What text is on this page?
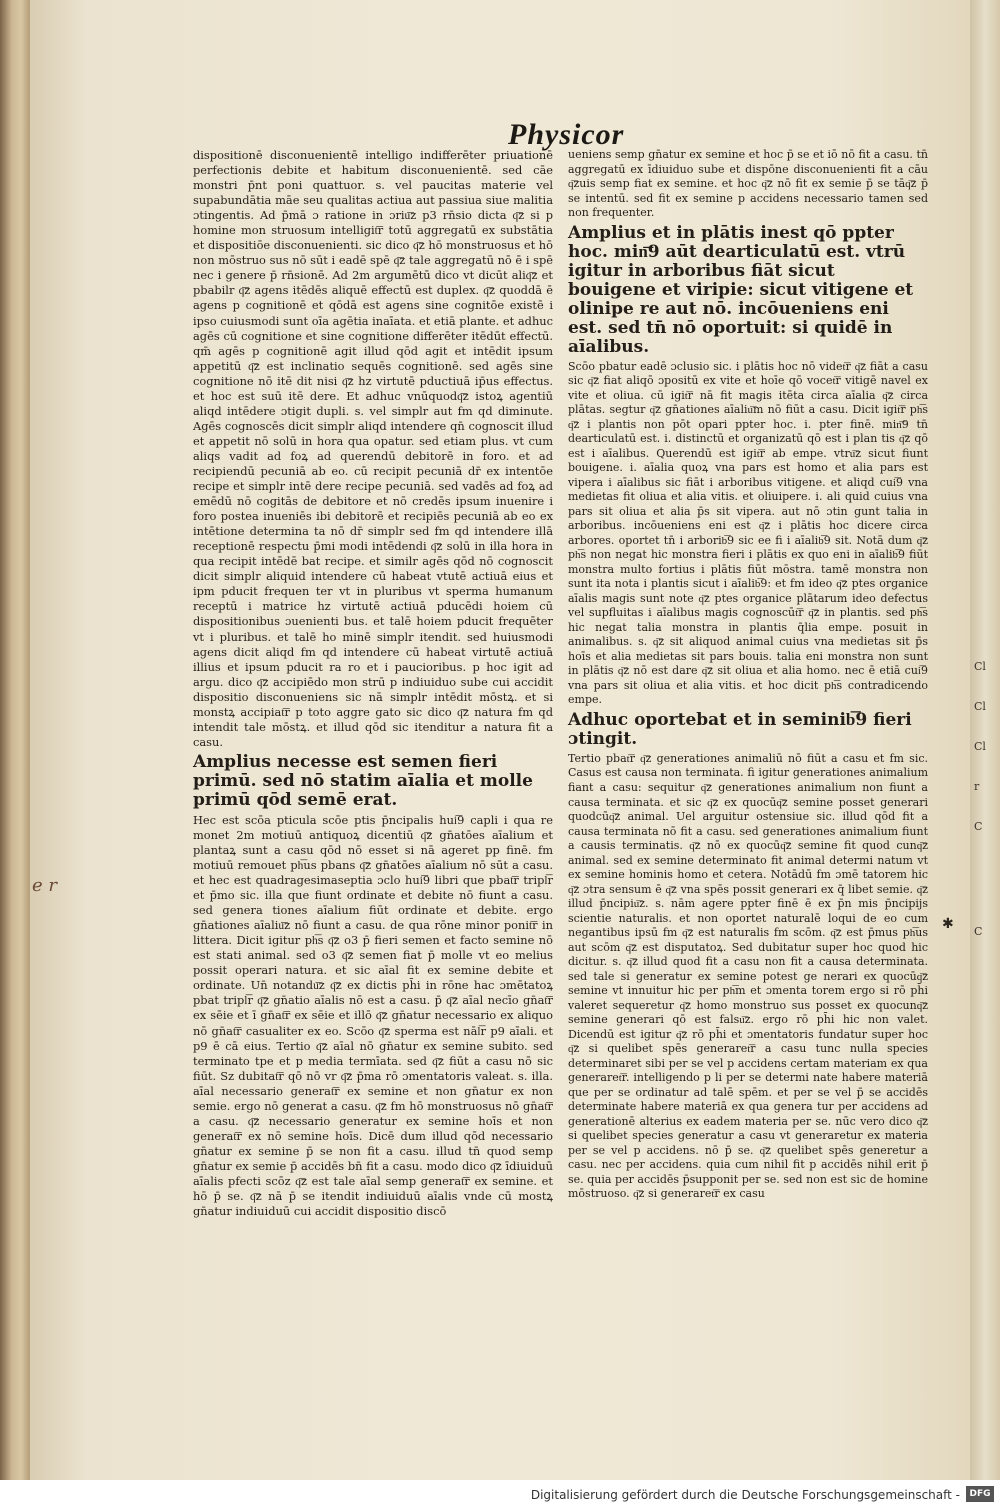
Cl
Cl
Cl
r
C
C
Physicor

dispositionē disconuenientē intelligo indifferēter priuationē perfectionis debite et habitum disconuenientē. sed cāe monstri p̄nt poni quattuor. s. vel paucitas materie vel supabundātia māe seu qualitas actiua aut passiua siue malitia ɔtingentis. Ad p̄mā ɔ ratione in ɔriu͞z p3 rn̄sio dicta q͞z si p homine mon struosum intelligit͞r totū aggregatū ex substātia et dispositiōe disconuenienti. sic dico q͞z hō monstruosus et hō non mōstruo sus nō sūt i eadē spē q͞z tale aggregatū nō ē i spē nec i genere p̄ rn̄sionē. Ad 2m argumētū dico vt dicūt aliq͞z et pbabilr q͞z agens itēdēs aliquē effectū est duplex. q͞z quoddā ē agens p cognitionē et qōdā est agens sine cognitōe existē i ipso cuiusmodi sunt oīa agētia inaīata. et etiā plante. et adhuc agēs cū cognitione et sine cognitione differēter itēdūt effectū. qm̄ agēs p cognitionē agit illud qōd agit et intēdit ipsum appetitū q͞z est inclinatio sequēs cognitionē. sed agēs sine cognitione nō itē dit nisi q͞z hz virtutē pductiuā ip̄us effectus. et hoc est suū itē dere. Et adhuc vnūquodq͞z istoꝝ agentiū aliqd intēdere ɔtigit dupli. s. vel simplr aut fm qd diminute. Agēs cognoscēs dicit simplr aliqd intendere qn̄ cognoscit illud et appetit nō solū in hora qua opatur. sed etiam plus. vt cum aliqs vadit ad foꝝ ad querendū debitorē in foro. et ad recipiendū pecuniā ab eo. cū recipit pecuniā dr̄ ex intentōe recipe et simplr intē dere recipe pecuniā. sed vadēs ad foꝝ ad emēdū nō cogitās de debitore et nō credēs ipsum inuenire i foro postea inueniēs ibi debitorē et recipiēs pecuniā ab eo ex intētione determina ta nō dr̄ simplr sed fm qd intendere illā receptionē respectu p̄mi modi intēdendi q͞z solū in illa hora in qua recipit intēdē bat recipe. et similr agēs qōd nō cognoscit dicit simplr aliquid intendere cū habeat vtutē actiuā eius et ipm pducit frequen ter vt in pluribus vt sperma humanum receptū i matrice hz virtutē actiuā pducēdi hoiem cū dispositionibus ɔuenienti bus. et talē hoiem pducit frequēter vt i pluribus. et talē ho minē simplr itendit. sed huiusmodi agens dicit aliqd fm qd intendere cū habeat virtutē actiuā illius et ipsum pducit ra ro et i paucioribus. p hoc igit ad argu. dico q͞z accipiēdo mon strū p indiuiduo sube cui accidit dispositio disconueniens sic nā simplr intēdit mōstꝝ. et si monstꝝ accipiat͞r p toto aggre gato sic dico q͞z natura fm qd intendit tale mōstꝝ. et illud qōd sic itenditur a natura fit a casu.

Amplius necesse est semen fieri primū. sed nō statim aīalia et molle primū qōd semē erat.

Hec est scōa pticula scōe ptis p̄ncipalis hui͞9 capli i qua re monet 2m motiuū antiquoꝝ dicentiū q͞z gn̄atōes aīalium et plantaꝝ sunt a casu qōd nō esset si nā ageret pp finē. fm motiuū remouet ph͞us pbans q͞z gn̄atōes aīalium nō sūt a casu. et hec est quadragesimaseptia ɔclo hui͞9 libri que pbat͞r tripl͞r et p̄mo sic. illa que fiunt ordinate et debite nō fiunt a casu. sed genera tiones aīalium fiūt ordinate et debite. ergo gn̄ationes aīaliu͞z nō fiunt a casu. de qua rōne minor ponit͞r in littera. Dicit igitur ph͞s q͞z o3 p̄ fieri semen et facto semine nō est stati animal. sed o3 q͞z semen fiat p̄ molle vt eo melius possit operari natura. et sic aīal fit ex semine debite et ordinate. Un̄ notandu͞z q͞z ex dictis ph̄i in rōne hac ɔmētatoꝝ pbat tripl͞r q͞z gn̄atio aīalis nō est a casu. p̄ q͞z aīal necīo gn̄at͞r ex sēie et ī gn̄at͞r ex sēie et illō q͞z gn̄atur necessario ex aliquo nō gn̄at͞r casualiter ex eo. Scōo q͞z sperma est nāl͞r p9 aīali. et p9 ē cā eius. Tertio q͞z aīal nō gn̄atur ex semine subito. sed terminato tpe et p media termīata. sed q͞z fiūt a casu nō sic fiūt. Sz dubitat͞r qō nō vr q͞z p̄ma rō ɔmentatoris valeat. s. illa. aīal necessario generat͞r ex semine et non gn̄atur ex non semie. ergo nō generat a casu. q͞z fm hō monstruosus nō gn̄at͞r a casu. q͞z necessario generatur ex semine hoīs et non generat͞r ex nō semine hoīs. Dicē dum illud qōd necessario gn̄atur ex semine p̄ se non fit a casu. illud tn̄ quod semp gn̄atur ex semie p̄ accidēs bn̄ fit a casu. modo dico q͞z īdiuiduū aīalis pfecti scōz q͞z est tale aīal semp generat͞r ex semine. et hō p̄ se. q͞z nā p̄ se itendit indiuiduū aīalis vnde cū mostꝝ gn̄atur indiuiduū cui accidit dispositio discō

ueniens semp gn̄atur ex semine et hoc p̄ se et iō nō fit a casu. tn̄ aggregatū ex īdiuiduo sube et dispōne disconuenienti fit a cāu q͞zuis semp fiat ex semine. et hoc q͞z nō fit ex semie p̄ se tāq͞z p̄ se intentū. sed fit ex semine p accidens necessario tamen sed non frequenter.

Amplius et in plātis inest qō ppter hoc. min͞9 aūt dearticulatū est. vtrū igitur in arboribus fiāt sicut bouigene et viripie: sicut vitigene et olinipe re aut nō. incōueniens eni est. sed tn̄ nō oportuit: si quidē in aīalibus.

Scōo pbatur eadē ɔclusio sic. i plātis hoc nō videt͞r q͞z fiāt a casu sic q͞z fiat aliqō ɔpositū ex vite et hoīe qō vocet͞r vitigē navel ex vite et oliua. cū igit͞r nā fit magis itēta circa aīalia q͞z circa plātas. segtur q͞z gn̄ationes aīaliu͞m nō fiūt a casu. Dicit igit͞r ph͞s q͞z i plantis non pōt opari ppter hoc. i. pter finē. min͞9 tn̄ dearticulatū est. i. distinctū et organizatū qō est i plan tis q͞z qō est i aīalibus. Querendū est igit͞r ab empe. vtru͞z sicut fiunt bouigene. i. aīalia quoꝝ vna pars est homo et alia pars est vipera i aīalibus sic fiāt i arboribus vitigene. et aliqd cui͞9 vna medietas fit oliua et alia vitis. et oliuipere. i. ali quid cuius vna pars sit oliua et alia p̄s sit vipera. aut nō ɔtin gunt talia in arboribus. incōueniens eni est q͞z i plātis hoc dicere circa arbores. oportet tn̄ i arborib͞9 sic ee fi i aīalib͞9 sit. Notā dum q͞z ph͞s non negat hic monstra fieri i plātis ex quo eni in aīalib͞9 fiūt monstra multo fortius i plātis fiūt mōstra. tamē monstra non sunt ita nota i plantis sicut i aīalib͞9: et fm ideo q͞z ptes organice aīalis magis sunt note q͞z ptes organice plātarum ideo defectus vel supfluitas i aīalibus magis cognoscūt͞r q͞z in plantis. sed ph͞s hic negat talia monstra in plantis q̄lia empe. posuit in animalibus. s. q͞z sit aliquod animal cuius vna medietas sit p̄s hoīs et alia medietas sit pars bouis. talia eni monstra non sunt in plātis q͞z nō est dare q͞z sit oliua et alia homo. nec ē etiā cui͞9 vna pars sit oliua et alia vitis. et hoc dicit ph͞s contradicendo empe.

Adhuc oportebat et in seminib͞9 fieri ɔtingit.

Tertio pbat͞r q͞z generationes animaliū nō fiūt a casu et fm sic. Casus est causa non terminata. fi igitur generationes animalium fiant a casu: sequitur q͞z generationes animalium non fiunt a causa terminata. et sic q͞z ex quocūq͞z semine posset generari quodcūq͞z animal. Uel arguitur ostensiue sic. illud qōd fit a causa terminata nō fit a casu. sed generationes animalium fiunt a causis terminatis. q͞z nō ex quocūq͞z semine fit quod cunq͞z animal. sed ex semine determinato fit animal determi natum vt ex semine hominis homo et cetera. Notādū fm ɔmē tatorem hic q͞z ɔtra sensum ē q͞z vna spēs possit generari ex q̄ libet semie. q͞z illud p̄ncipiu͞z. s. nām agere ppter finē ē ex p̄n mis p̄ncipijs scientie naturalis. et non oportet naturalē loqui de eo cum negantibus ipsū fm q͞z est naturalis fm scōm. q͞z est p̄mus ph͞us aut scōm q͞z est disputatoꝝ. Sed dubitatur super hoc quod hic dicitur. s. q͞z illud quod fit a casu non fit a causa determinata. sed tale si generatur ex semine potest ge nerari ex quocūq͞z semine vt innuitur hic per ph͞m et ɔmenta torem ergo si rō ph̄i valeret sequeretur q͞z homo monstruo sus posset ex quocunq͞z semine generari qō est falsu͞z. ergo rō ph̄i hic non valet. Dicendū est igitur q͞z rō ph̄i et ɔmentatoris fundatur super hoc q͞z si quelibet spēs generaret͞r a casu tunc nulla species determinaret sibi per se vel p accidens certam materiam ex qua generaret͞r. intelligendo p li per se determi nate habere materiā que per se ordinatur ad talē spēm. et per se vel p̄ se accidēs determinate habere materiā ex qua genera tur per accidens ad generationē alterius ex eadem materia per se. nūc vero dico q͞z si quelibet species generatur a casu vt generaretur ex materia per se vel p accidens. nō p̄ se. q͞z quelibet spēs generetur a casu. nec per accidens. quia cum nihil fit p accidēs nihil erit p̄ se. quia per accidēs p̄supponit per se. sed non est sic de homine mōstruoso. q͞z si generaret͞r ex casu

e r
✱
Digitalisierung gefördert durch die Deutsche Forschungsgemeinschaft -	DFG
